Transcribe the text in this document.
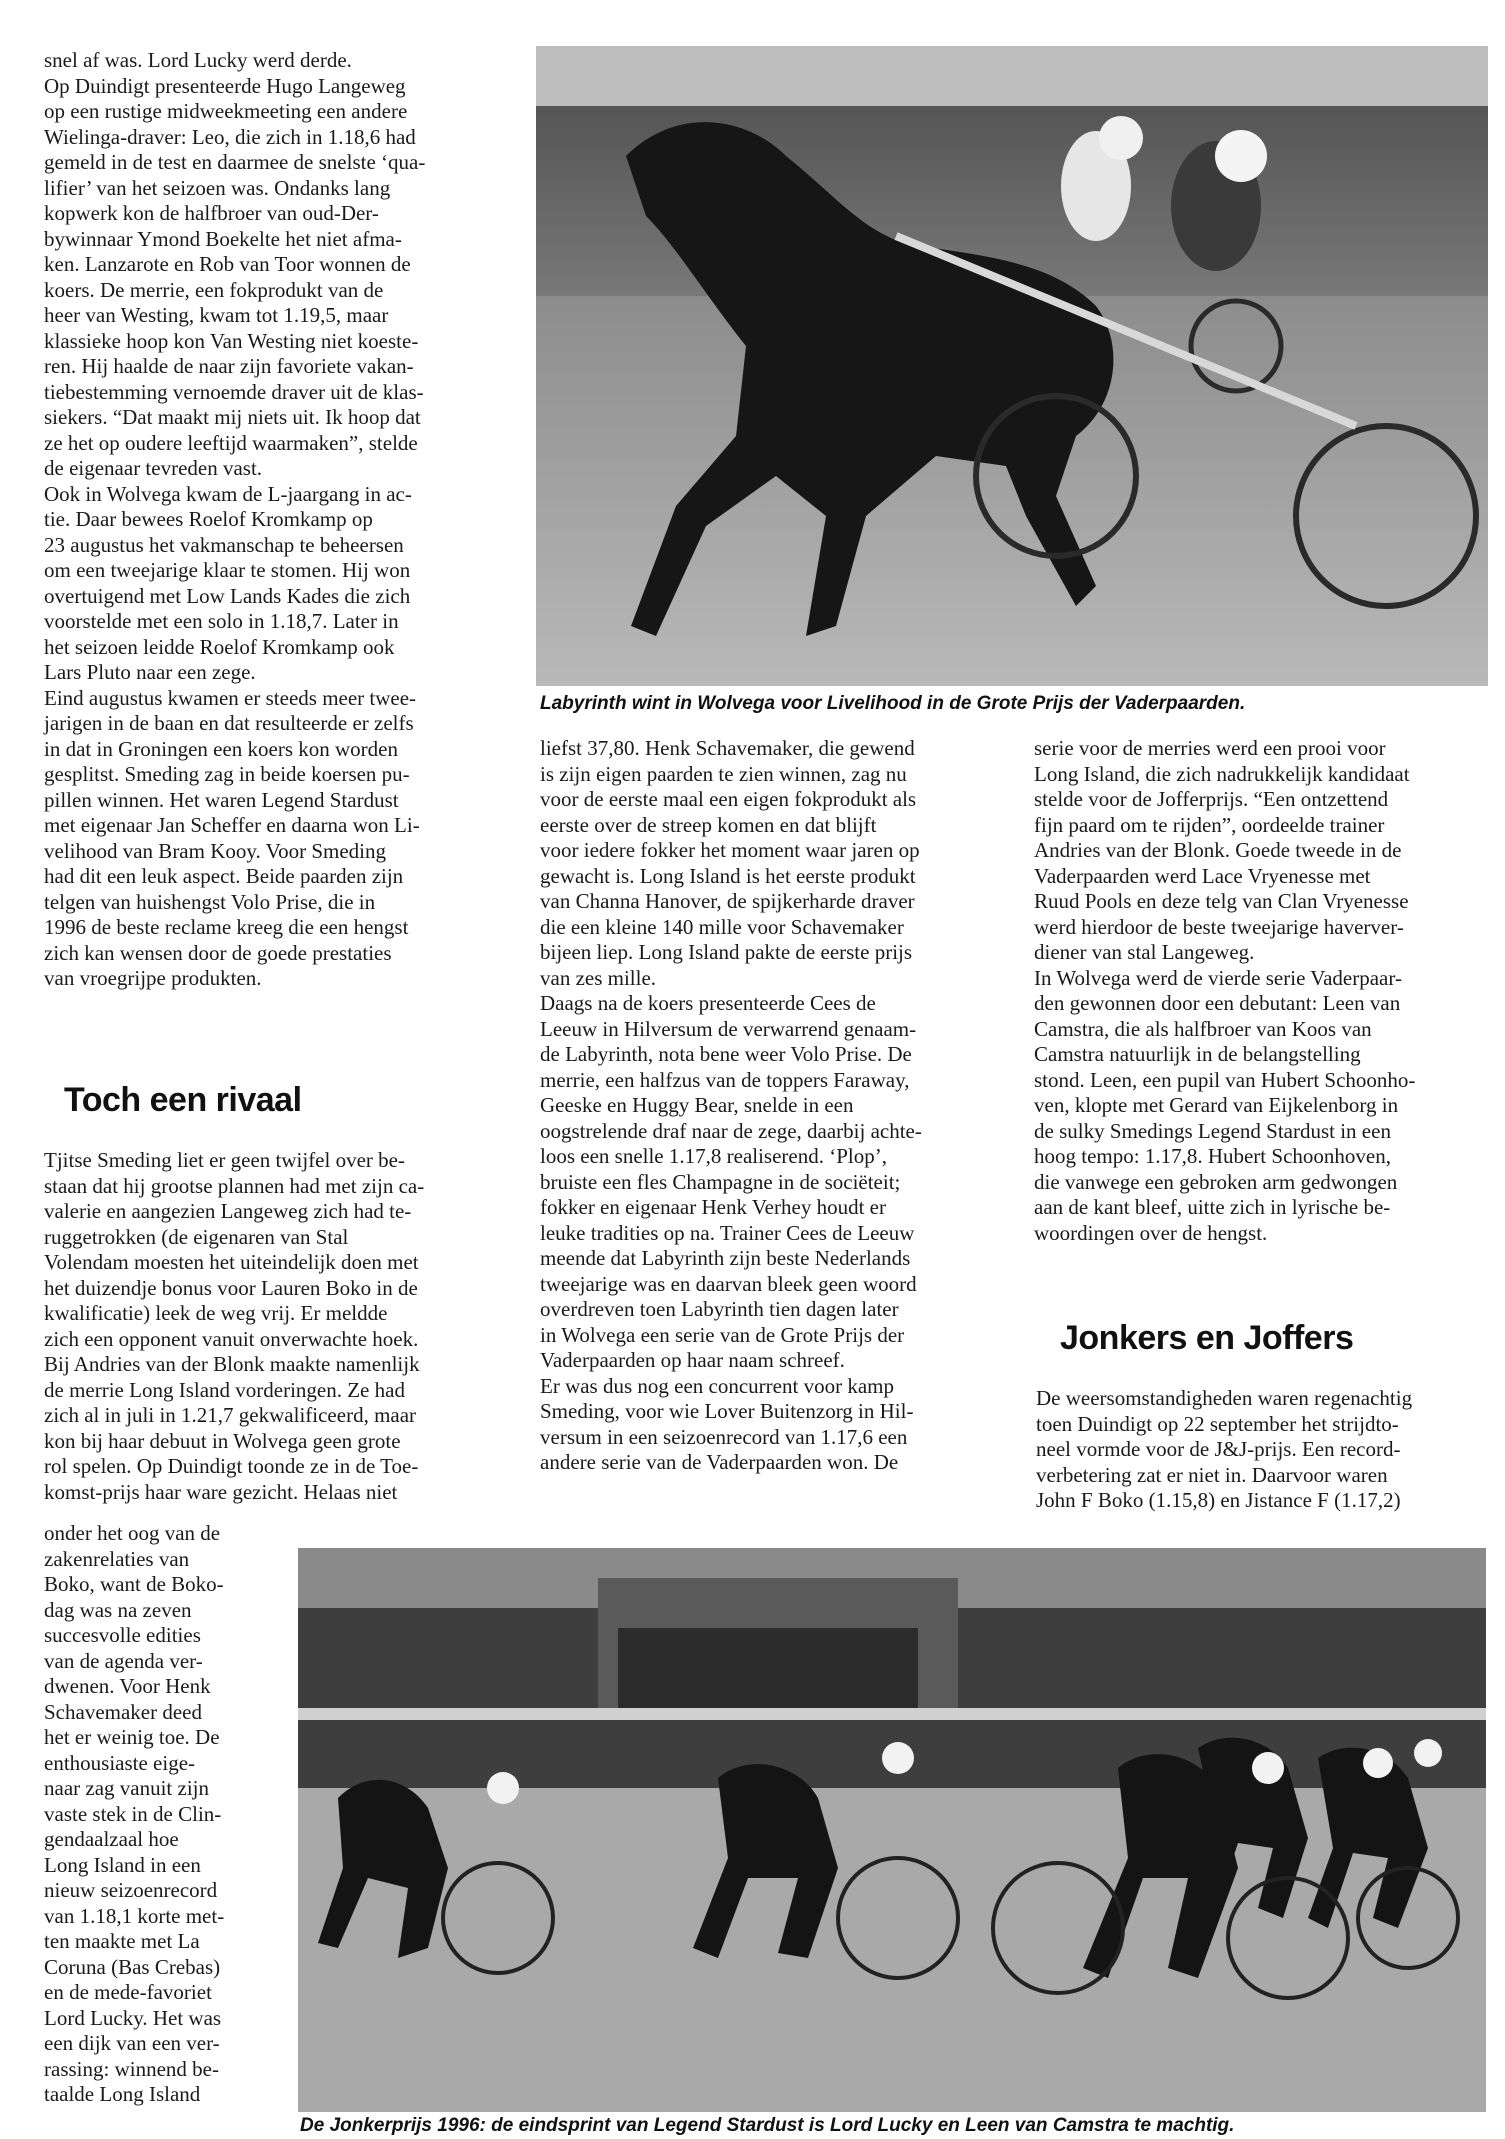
snel af was. Lord Lucky werd derde.
Op Duindigt presenteerde Hugo Langeweg
op een rustige midweekmeeting een andere
Wielinga-draver: Leo, die zich in 1.18,6 had
gemeld in de test en daarmee de snelste ‘qua-
lifier’ van het seizoen was. Ondanks lang
kopwerk kon de halfbroer van oud-Der-
bywinnaar Ymond Boekelte het niet afma-
ken. Lanzarote en Rob van Toor wonnen de
koers. De merrie, een fokprodukt van de
heer van Westing, kwam tot 1.19,5, maar
klassieke hoop kon Van Westing niet koeste-
ren. Hij haalde de naar zijn favoriete vakan-
tiebestemming vernoemde draver uit de klas-
siekers. “Dat maakt mij niets uit. Ik hoop dat
ze het op oudere leeftijd waarmaken”, stelde
de eigenaar tevreden vast.
Ook in Wolvega kwam de L-jaargang in ac-
tie. Daar bewees Roelof Kromkamp op
23 augustus het vakmanschap te beheersen
om een tweejarige klaar te stomen. Hij won
overtuigend met Low Lands Kades die zich
voorstelde met een solo in 1.18,7. Later in
het seizoen leidde Roelof Kromkamp ook
Lars Pluto naar een zege.
Eind augustus kwamen er steeds meer twee-
jarigen in de baan en dat resulteerde er zelfs
in dat in Groningen een koers kon worden
gesplitst. Smeding zag in beide koersen pu-
pillen winnen. Het waren Legend Stardust
met eigenaar Jan Scheffer en daarna won Li-
velihood van Bram Kooy. Voor Smeding
had dit een leuk aspect. Beide paarden zijn
telgen van huishengst Volo Prise, die in
1996 de beste reclame kreeg die een hengst
zich kan wensen door de goede prestaties
van vroegrijpe produkten.
Toch een rivaal
Tjitse Smeding liet er geen twijfel over be-
staan dat hij grootse plannen had met zijn ca-
valerie en aangezien Langeweg zich had te-
ruggetrokken (de eigenaren van Stal
Volendam moesten het uiteindelijk doen met
het duizendje bonus voor Lauren Boko in de
kwalificatie) leek de weg vrij. Er meldde
zich een opponent vanuit onverwachte hoek.
Bij Andries van der Blonk maakte namenlijk
de merrie Long Island vorderingen. Ze had
zich al in juli in 1.21,7 gekwalificeerd, maar
kon bij haar debuut in Wolvega geen grote
rol spelen. Op Duindigt toonde ze in de Toe-
komst-prijs haar ware gezicht. Helaas niet
onder het oog van de
zakenrelaties van
Boko, want de Boko-
dag was na zeven
succesvolle edities
van de agenda ver-
dwenen. Voor Henk
Schavemaker deed
het er weinig toe. De
enthousiaste eige-
naar zag vanuit zijn
vaste stek in de Clin-
gendaalzaal hoe
Long Island in een
nieuw seizoenrecord
van 1.18,1 korte met-
ten maakte met La
Coruna (Bas Crebas)
en de mede-favoriet
Lord Lucky. Het was
een dijk van een ver-
rassing: winnend be-
taalde Long Island
liefst 37,80. Henk Schavemaker, die gewend
is zijn eigen paarden te zien winnen, zag nu
voor de eerste maal een eigen fokprodukt als
eerste over de streep komen en dat blijft
voor iedere fokker het moment waar jaren op
gewacht is. Long Island is het eerste produkt
van Channa Hanover, de spijkerharde draver
die een kleine 140 mille voor Schavemaker
bijeen liep. Long Island pakte de eerste prijs
van zes mille.
Daags na de koers presenteerde Cees de
Leeuw in Hilversum de verwarrend genaam-
de Labyrinth, nota bene weer Volo Prise. De
merrie, een halfzus van de toppers Faraway,
Geeske en Huggy Bear, snelde in een
oogstrelende draf naar de zege, daarbij achte-
loos een snelle 1.17,8 realiserend. ‘Plop’,
bruiste een fles Champagne in de sociëteit;
fokker en eigenaar Henk Verhey houdt er
leuke tradities op na. Trainer Cees de Leeuw
meende dat Labyrinth zijn beste Nederlands
tweejarige was en daarvan bleek geen woord
overdreven toen Labyrinth tien dagen later
in Wolvega een serie van de Grote Prijs der
Vaderpaarden op haar naam schreef.
Er was dus nog een concurrent voor kamp
Smeding, voor wie Lover Buitenzorg in Hil-
versum in een seizoenrecord van 1.17,6 een
andere serie van de Vaderpaarden won. De
serie voor de merries werd een prooi voor
Long Island, die zich nadrukkelijk kandidaat
stelde voor de Jofferprijs. “Een ontzettend
fijn paard om te rijden”, oordeelde trainer
Andries van der Blonk. Goede tweede in de
Vaderpaarden werd Lace Vryenesse met
Ruud Pools en deze telg van Clan Vryenesse
werd hierdoor de beste tweejarige haverver-
diener van stal Langeweg.
In Wolvega werd de vierde serie Vaderpaar-
den gewonnen door een debutant: Leen van
Camstra, die als halfbroer van Koos van
Camstra natuurlijk in de belangstelling
stond. Leen, een pupil van Hubert Schoonho-
ven, klopte met Gerard van Eijkelenborg in
de sulky Smedings Legend Stardust in een
hoog tempo: 1.17,8. Hubert Schoonhoven,
die vanwege een gebroken arm gedwongen
aan de kant bleef, uitte zich in lyrische be-
woordingen over de hengst.
Jonkers en Joffers
De weersomstandigheden waren regenachtig
toen Duindigt op 22 september het strijdto-
neel vormde voor de J&J-prijs. Een record-
verbetering zat er niet in. Daarvoor waren
John F Boko (1.15,8) en Jistance F (1.17,2)
Labyrinth wint in Wolvega voor Livelihood in de Grote Prijs der Vaderpaarden.
De Jonkerprijs 1996: de eindsprint van Legend Stardust is Lord Lucky en Leen van Camstra te machtig.
